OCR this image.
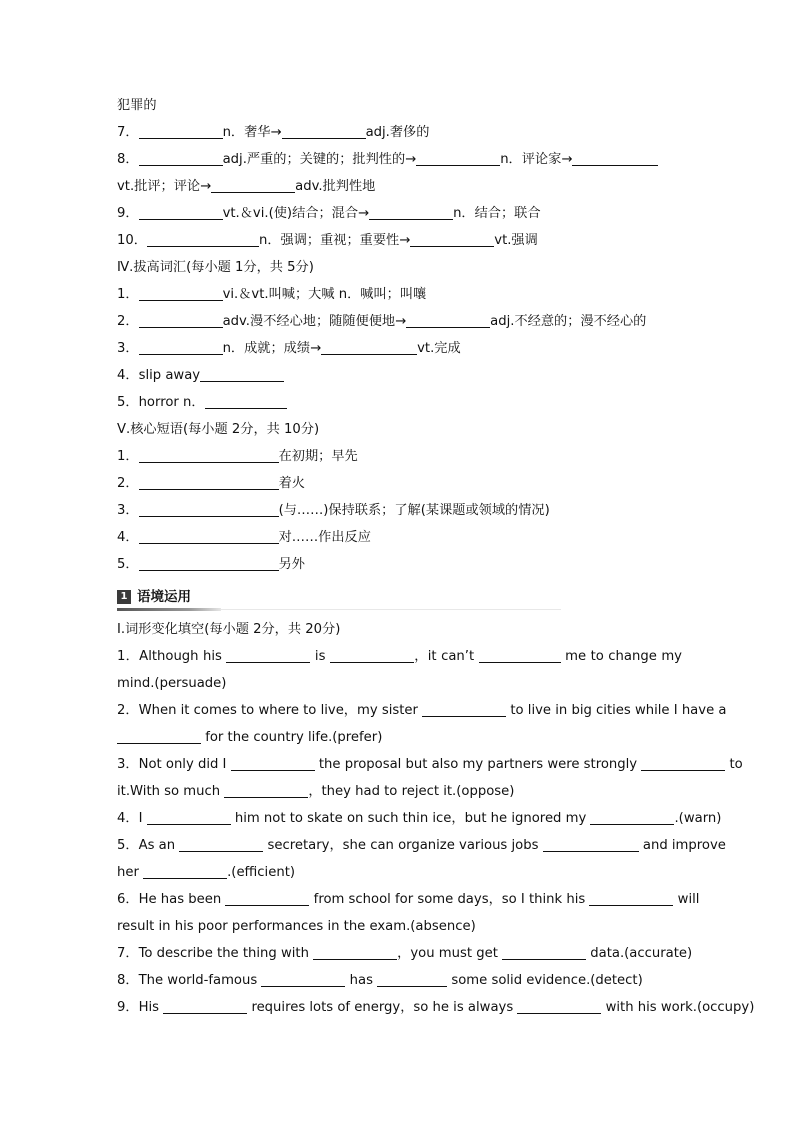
犯罪的
7．	n．奢华→	adj.奢侈的
8．	adj.严重的；关键的；批判性的→	n．评论家→
vt.批评；评论→	adv.批判性地
9．	vt.＆vi.(使)结合；混合→	n．结合；联合
10．	n．强调；重视；重要性→	vt.强调
Ⅳ.拔高词汇(每小题 1分，共 5分)
1．	vi.＆vt.叫喊；大喊 n．喊叫；叫嚷
2．	adv.漫不经心地；随随便便地→	adj.不经意的；漫不经心的
3．	n．成就；成绩→	vt.完成
4．slip away
5．horror n．
Ⅴ.核心短语(每小题 2分，共 10分)
1．	在初期；早先
2．	着火
3．	(与……)保持联系；了解(某课题或领域的情况)
4．	对……作出反应
5．	另外
1 语境运用
Ⅰ.词形变化填空(每小题 2分，共 20分)
1．Although his	is	，it can’t	me to change my
mind.(persuade)
2．When it comes to where to live，my sister	to live in big cities while I have a
for the country life.(prefer)
3．Not only did I	the proposal but also my partners were strongly	to
it.With so much	，they had to reject it.(oppose)
4．I	him not to skate on such thin ice，but he ignored my	.(warn)
5．As an	secretary，she can organize various jobs	and improve
her	.(efficient)
6．He has been	from school for some days，so I think his	will
result in his poor performances in the exam.(absence)
7．To describe the thing with	，you must get	data.(accurate)
8．The world-famous	has	some solid evidence.(detect)
9．His	requires lots of energy，so he is always	with his work.(occupy)
